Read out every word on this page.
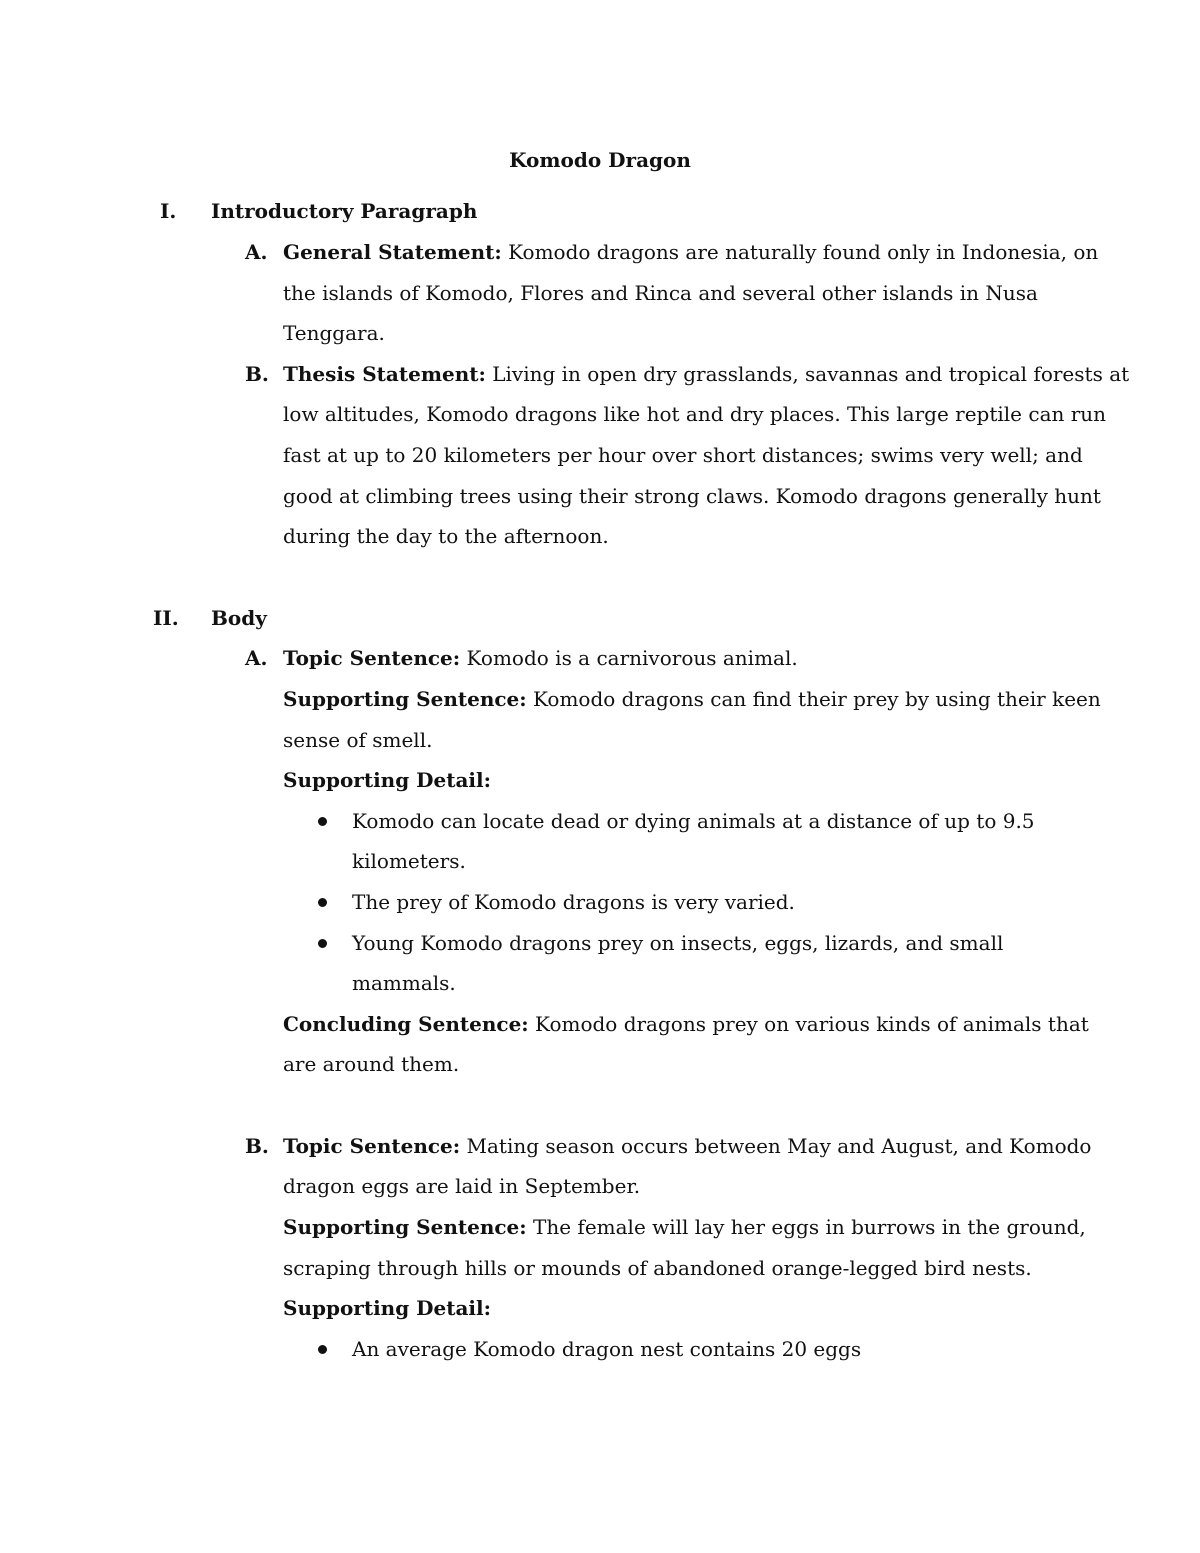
Komodo Dragon
I. Introductory Paragraph
A. General Statement: Komodo dragons are naturally found only in Indonesia, on
the islands of Komodo, Flores and Rinca and several other islands in Nusa
Tenggara.
B. Thesis Statement: Living in open dry grasslands, savannas and tropical forests at
low altitudes, Komodo dragons like hot and dry places. This large reptile can run
fast at up to 20 kilometers per hour over short distances; swims very well; and
good at climbing trees using their strong claws. Komodo dragons generally hunt
during the day to the afternoon.
II. Body
A. Topic Sentence: Komodo is a carnivorous animal.
Supporting Sentence: Komodo dragons can find their prey by using their keen
sense of smell.
Supporting Detail:
Komodo can locate dead or dying animals at a distance of up to 9.5
kilometers.
The prey of Komodo dragons is very varied.
Young Komodo dragons prey on insects, eggs, lizards, and small
mammals.
Concluding Sentence: Komodo dragons prey on various kinds of animals that
are around them.
B. Topic Sentence: Mating season occurs between May and August, and Komodo
dragon eggs are laid in September.
Supporting Sentence: The female will lay her eggs in burrows in the ground,
scraping through hills or mounds of abandoned orange-legged bird nests.
Supporting Detail:
An average Komodo dragon nest contains 20 eggs
